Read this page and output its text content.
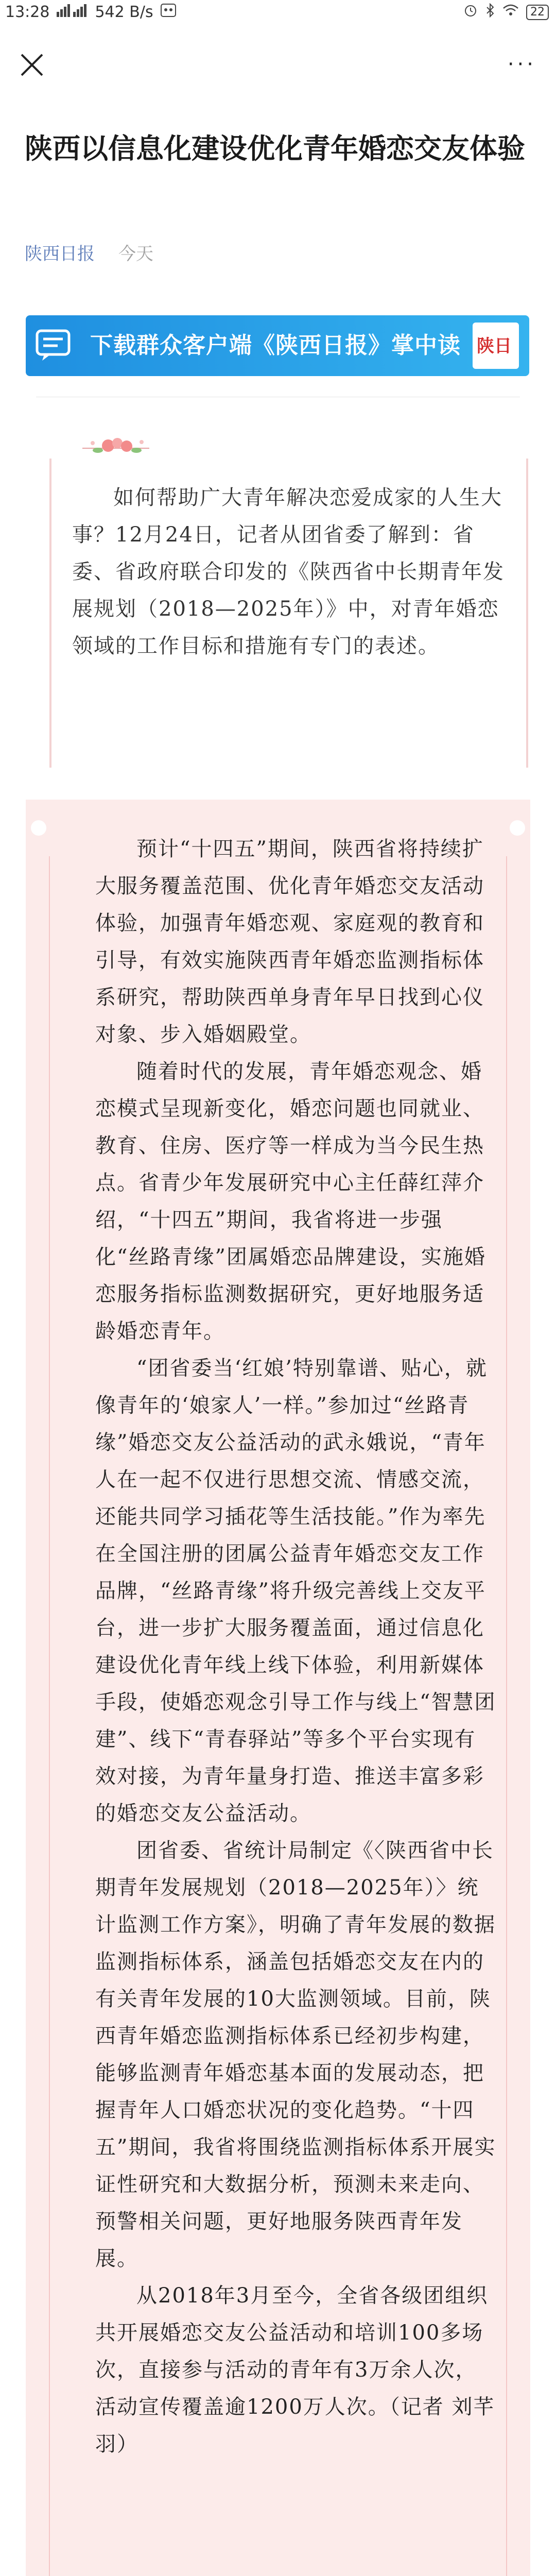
13:28	542 B/s	22
···
陕西以信息化建设优化青年婚恋交友体验
陕西日报 今天
下载群众客户端《陕西日报》掌中读 陕日
如何帮助广大青年解决恋爱成家的人生大事？12月24日，记者从团省委了解到：省委、省政府联合印发的《陕西省中长期青年发展规划（2018—2025年）》中，对青年婚恋领域的工作目标和措施有专门的表述。

预计“十四五”期间，陕西省将持续扩大服务覆盖范围、优化青年婚恋交友活动体验，加强青年婚恋观、家庭观的教育和引导，有效实施陕西青年婚恋监测指标体系研究，帮助陕西单身青年早日找到心仪对象、步入婚姻殿堂。

随着时代的发展，青年婚恋观念、婚恋模式呈现新变化，婚恋问题也同就业、教育、住房、医疗等一样成为当今民生热点。省青少年发展研究中心主任薛红萍介绍，“十四五”期间，我省将进一步强化“丝路青缘”团属婚恋品牌建设，实施婚恋服务指标监测数据研究，更好地服务适龄婚恋青年。

“团省委当‘红娘’特别靠谱、贴心，就像青年的‘娘家人’一样。”参加过“丝路青缘”婚恋交友公益活动的武永娥说，“青年人在一起不仅进行思想交流、情感交流，还能共同学习插花等生活技能。”作为率先在全国注册的团属公益青年婚恋交友工作品牌，“丝路青缘”将升级完善线上交友平台，进一步扩大服务覆盖面，通过信息化建设优化青年线上线下体验，利用新媒体手段，使婚恋观念引导工作与线上“智慧团建”、线下“青春驿站”等多个平台实现有效对接，为青年量身打造、推送丰富多彩的婚恋交友公益活动。

团省委、省统计局制定《〈陕西省中长期青年发展规划（2018—2025年）〉统计监测工作方案》，明确了青年发展的数据监测指标体系，涵盖包括婚恋交友在内的有关青年发展的10大监测领域。目前，陕西青年婚恋监测指标体系已经初步构建，能够监测青年婚恋基本面的发展动态，把握青年人口婚恋状况的变化趋势。“十四五”期间，我省将围绕监测指标体系开展实证性研究和大数据分析，预测未来走向、预警相关问题，更好地服务陕西青年发展。

从2018年3月至今，全省各级团组织共开展婚恋交友公益活动和培训100多场次，直接参与活动的青年有3万余人次，活动宣传覆盖逾1200万人次。（记者 刘芊羽）
